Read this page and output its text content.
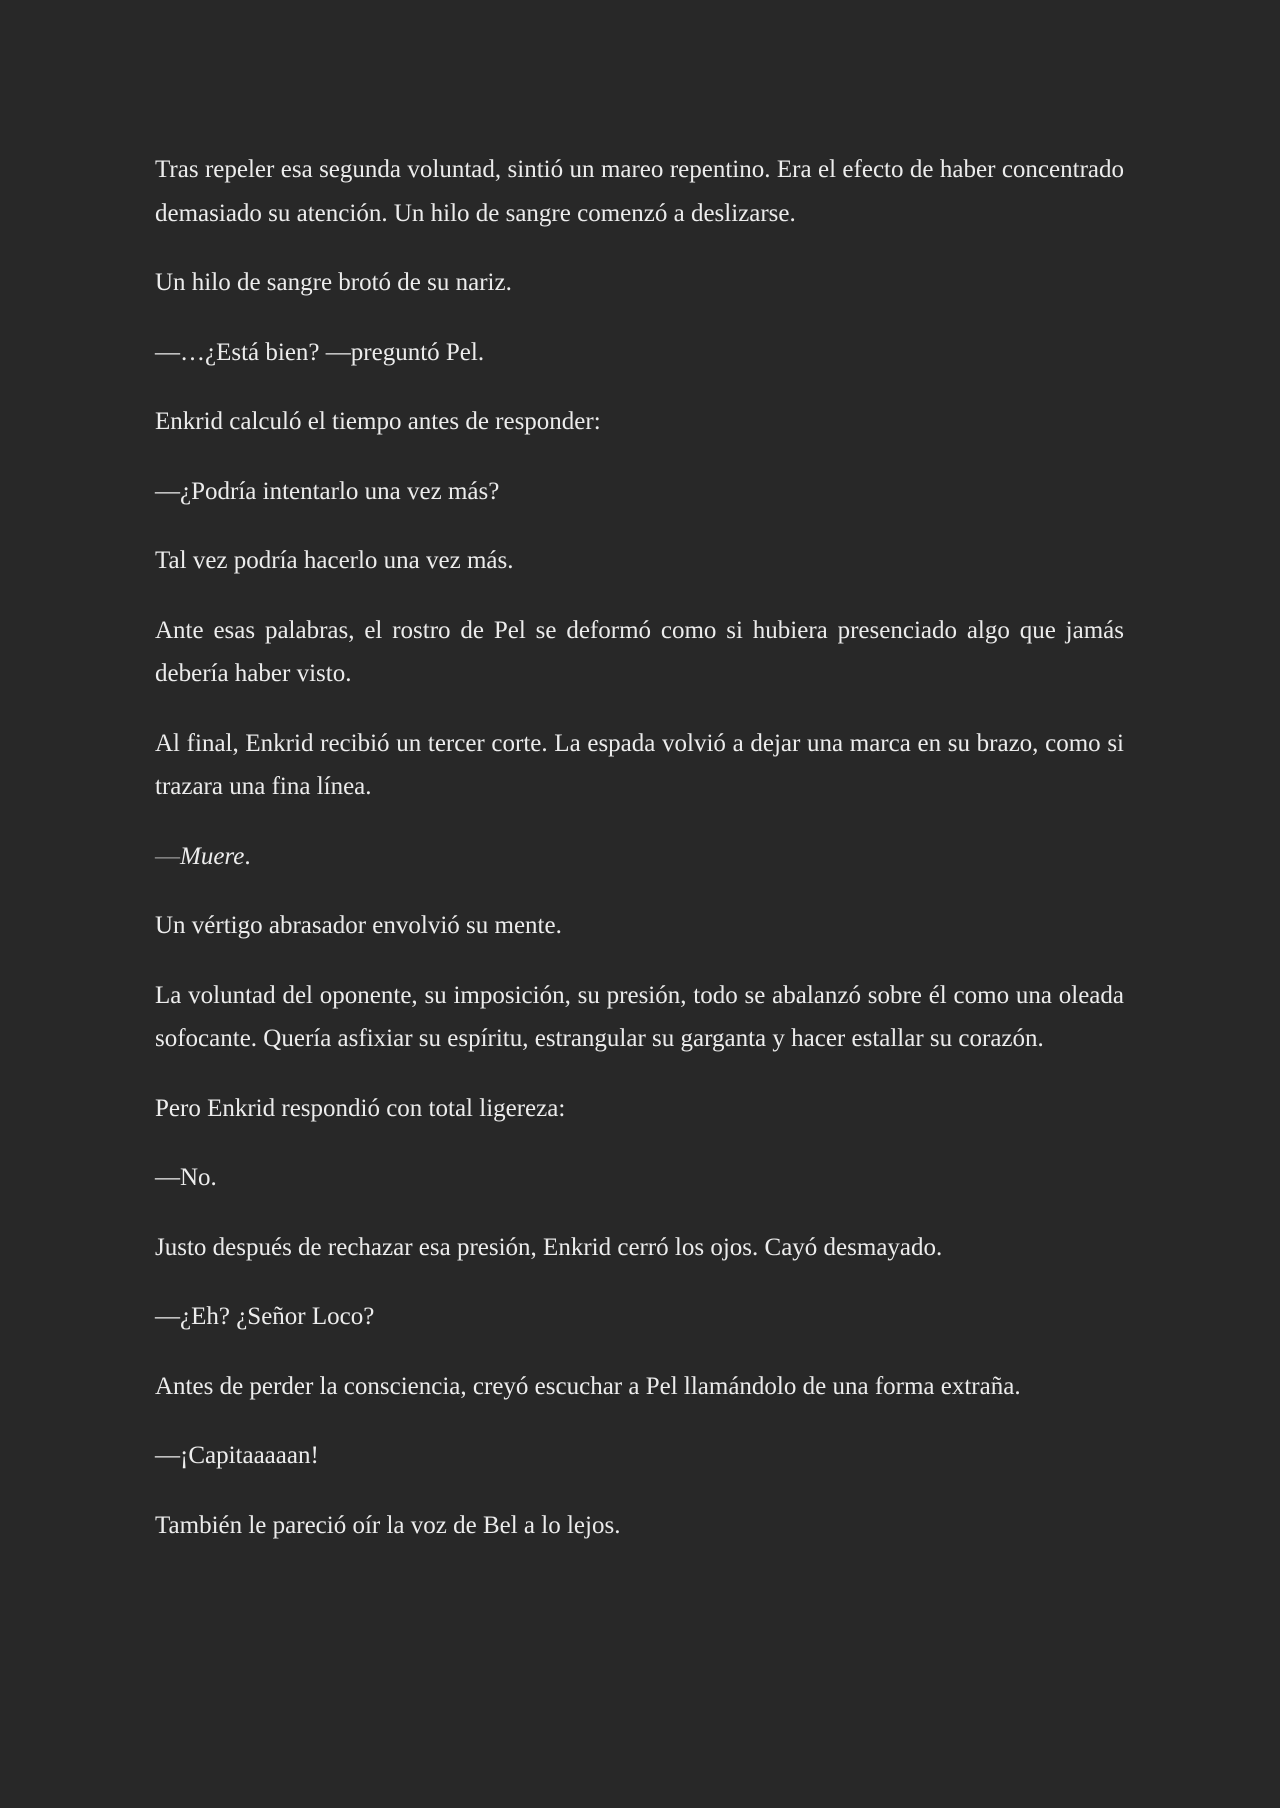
Tras repeler esa segunda voluntad, sintió un mareo repentino. Era el efecto de haber concentrado demasiado su atención. Un hilo de sangre comenzó a deslizarse.

Un hilo de sangre brotó de su nariz.

—…¿Está bien? —preguntó Pel.

Enkrid calculó el tiempo antes de responder:

—¿Podría intentarlo una vez más?

Tal vez podría hacerlo una vez más.

Ante esas palabras, el rostro de Pel se deformó como si hubiera presenciado algo que jamás debería haber visto.

Al final, Enkrid recibió un tercer corte. La espada volvió a dejar una marca en su brazo, como si trazara una fina línea.

—Muere.

Un vértigo abrasador envolvió su mente.

La voluntad del oponente, su imposición, su presión, todo se abalanzó sobre él como una oleada sofocante. Quería asfixiar su espíritu, estrangular su garganta y hacer estallar su corazón.

Pero Enkrid respondió con total ligereza:

—No.

Justo después de rechazar esa presión, Enkrid cerró los ojos. Cayó desmayado.

—¿Eh? ¿Señor Loco?

Antes de perder la consciencia, creyó escuchar a Pel llamándolo de una forma extraña.

—¡Capitaaaaan!

También le pareció oír la voz de Bel a lo lejos.
